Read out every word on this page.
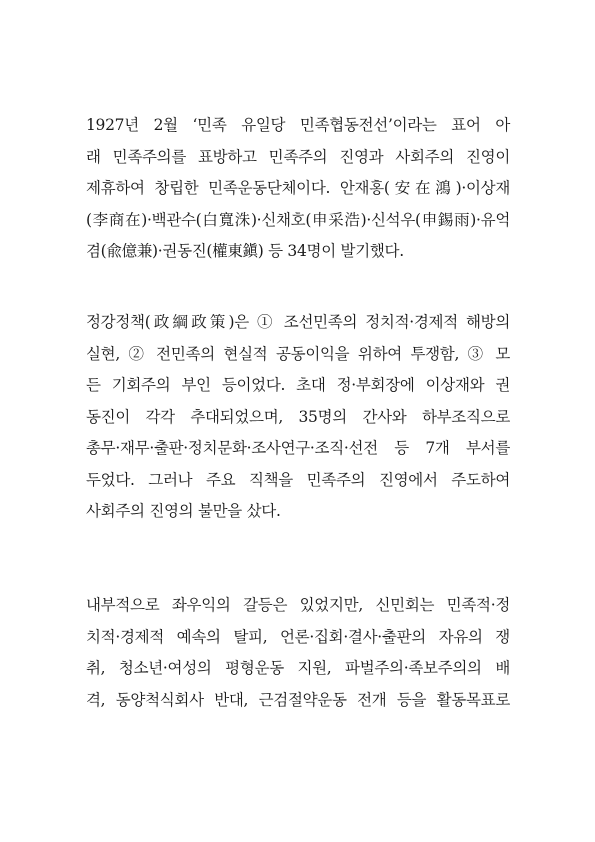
1927년 2월 ‘민족 유일당 민족협동전선’이라는 표어 아
래 민족주의를 표방하고 민족주의 진영과 사회주의 진영이
제휴하여 창립한 민족운동단체이다. 안재홍(安在鴻)·이상재
(李商在)·백관수(白寬洙)·신채호(申采浩)·신석우(申錫雨)·유억
겸(兪億兼)·권동진(權東鎭) 등 34명이 발기했다.
정강정책(政綱政策)은 ① 조선민족의 정치적·경제적 해방의
실현, ② 전민족의 현실적 공동이익을 위하여 투쟁함, ③ 모
든 기회주의 부인 등이었다. 초대 정·부회장에 이상재와 권
동진이 각각 추대되었으며, 35명의 간사와 하부조직으로
총무·재무·출판·정치문화·조사연구·조직·선전 등 7개 부서를
두었다. 그러나 주요 직책을 민족주의 진영에서 주도하여
사회주의 진영의 불만을 샀다.
내부적으로 좌우익의 갈등은 있었지만, 신민회는 민족적·정
치적·경제적 예속의 탈피, 언론·집회·결사·출판의 자유의 쟁
취, 청소년·여성의 평형운동 지원, 파벌주의·족보주의의 배
격, 동양척식회사 반대, 근검절약운동 전개 등을 활동목표로
